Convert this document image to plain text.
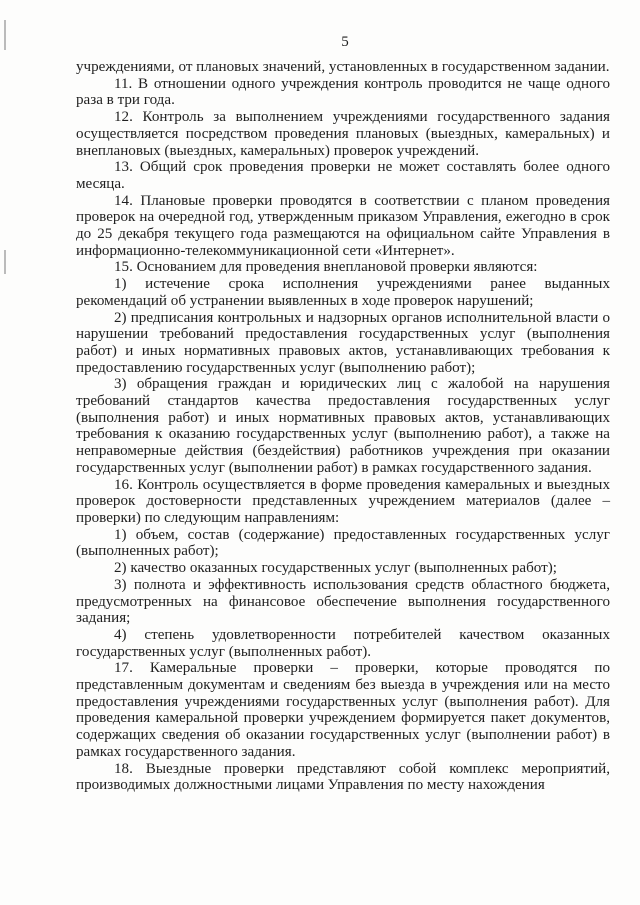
5

учреждениями, от плановых значений, установленных в государственном задании.

11. В отношении одного учреждения контроль проводится не чаще одного раза в три года.

12. Контроль за выполнением учреждениями государственного задания осуществляется посредством проведения плановых (выездных, камеральных) и внеплановых (выездных, камеральных) проверок учреждений.

13. Общий срок проведения проверки не может составлять более одного месяца.

14. Плановые проверки проводятся в соответствии с планом проведения проверок на очередной год, утвержденным приказом Управления, ежегодно в срок до 25 декабря текущего года размещаются на официальном сайте Управления в информационно-телекоммуникационной сети «Интернет».

15. Основанием для проведения внеплановой проверки являются:

1) истечение срока исполнения учреждениями ранее выданных рекомендаций об устранении выявленных в ходе проверок нарушений;

2) предписания контрольных и надзорных органов исполнительной власти о нарушении требований предоставления государственных услуг (выполнения работ) и иных нормативных правовых актов, устанавливающих требования к предоставлению государственных услуг (выполнению работ);

3) обращения граждан и юридических лиц с жалобой на нарушения требований стандартов качества предоставления государственных услуг (выполнения работ) и иных нормативных правовых актов, устанавливающих требования к оказанию государственных услуг (выполнению работ), а также на неправомерные действия (бездействия) работников учреждения при оказании государственных услуг (выполнении работ) в рамках государственного задания.

16. Контроль осуществляется в форме проведения камеральных и выездных проверок достоверности представленных учреждением материалов (далее – проверки) по следующим направлениям:

1) объем, состав (содержание) предоставленных государственных услуг (выполненных работ);

2) качество оказанных государственных услуг (выполненных работ);

3) полнота и эффективность использования средств областного бюджета, предусмотренных на финансовое обеспечение выполнения государственного задания;

4) степень удовлетворенности потребителей качеством оказанных государственных услуг (выполненных работ).

17. Камеральные проверки – проверки, которые проводятся по представленным документам и сведениям без выезда в учреждения или на место предоставления учреждениями государственных услуг (выполнения работ). Для проведения камеральной проверки учреждением формируется пакет документов, содержащих сведения об оказании государственных услуг (выполнении работ) в рамках государственного задания.

18. Выездные проверки представляют собой комплекс мероприятий, производимых должностными лицами Управления по месту нахождения
